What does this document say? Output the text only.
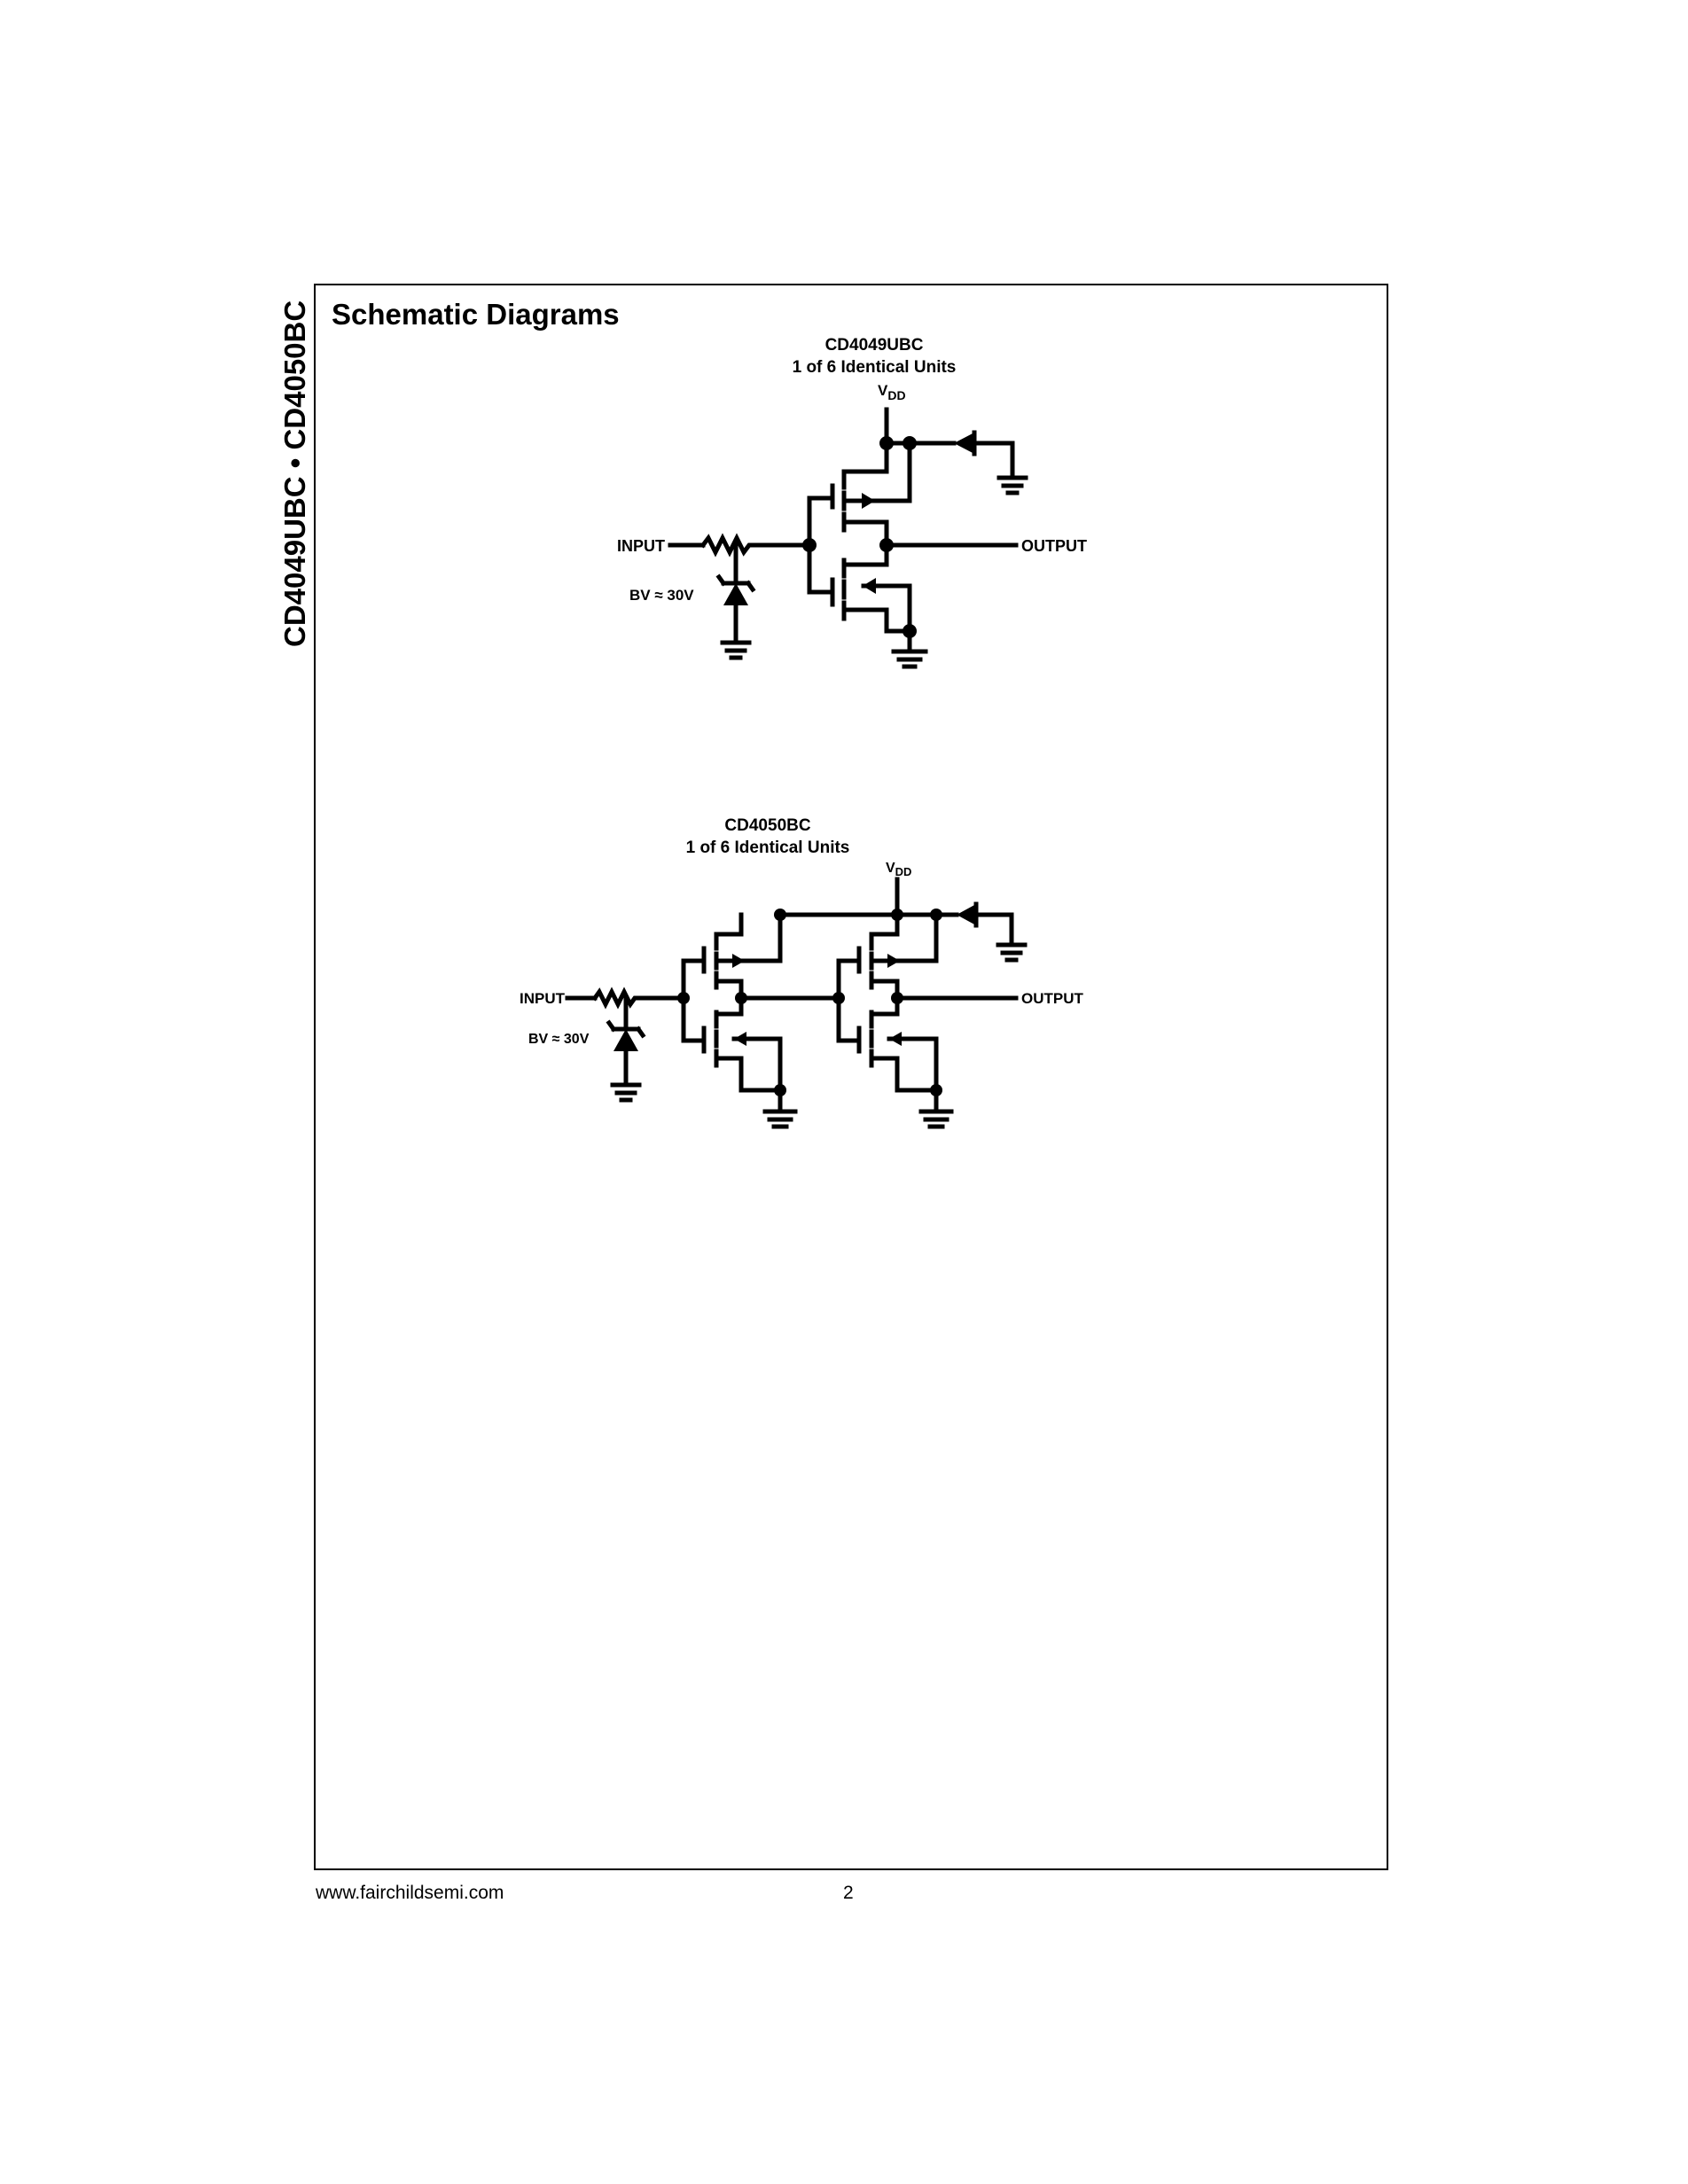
CD4049UBC • CD4050BC Schematic Diagrams
CD4049UBC
1 of 6 Identical Units
$V_{DD}$
INPUT	OUTPUT
BV ≈ 30V
CD4050BC
1 of 6 Identical Units
$V_{DD}$
INPUT	OUTPUT
BV ≈ 30V
www.fairchildsemi.com	2
